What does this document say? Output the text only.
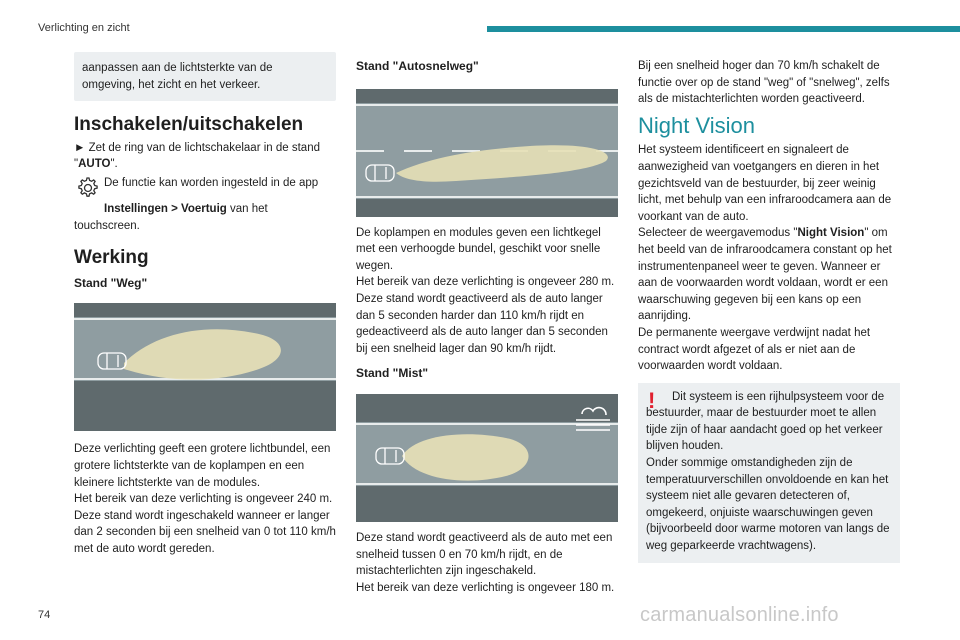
Verlichting en zicht

aanpassen aan de lichtsterkte van de omgeving, het zicht en het verkeer.

Inschakelen/uitschakelen

► Zet de ring van de lichtschakelaar in de stand "AUTO".

De functie kan worden ingesteld in de app
Instellingen > Voertuig van het touchscreen.
Werking
Stand "Weg"

Deze verlichting geeft een grotere lichtbundel, een grotere lichtsterkte van de koplampen en een kleinere lichtsterkte van de modules.

Het bereik van deze verlichting is ongeveer 240 m.

Deze stand wordt ingeschakeld wanneer er langer dan 2 seconden bij een snelheid van 0 tot 110 km/h met de auto wordt gereden.

Stand "Autosnelweg"

De koplampen en modules geven een lichtkegel met een verhoogde bundel, geschikt voor snelle wegen.

Het bereik van deze verlichting is ongeveer 280 m.

Deze stand wordt geactiveerd als de auto langer dan 5 seconden harder dan 110 km/h rijdt en gedeactiveerd als de auto langer dan 5 seconden bij een snelheid lager dan 90 km/h rijdt.

Stand "Mist"

Deze stand wordt geactiveerd als de auto met een snelheid tussen 0 en 70 km/h rijdt, en de mistachterlichten zijn ingeschakeld.

Het bereik van deze verlichting is ongeveer 180 m.

Bij een snelheid hoger dan 70 km/h schakelt de functie over op de stand "weg" of "snelweg", zelfs als de mistachterlichten worden geactiveerd.

Night Vision

Het systeem identificeert en signaleert de aanwezigheid van voetgangers en dieren in het gezichtsveld van de bestuurder, bij zeer weinig licht, met behulp van een infraroodcamera aan de voorkant van de auto.

Selecteer de weergavemodus "Night Vision" om het beeld van de infraroodcamera constant op het instrumentenpaneel weer te geven. Wanneer er aan de voorwaarden wordt voldaan, wordt er een waarschuwing gegeven bij een kans op een aanrijding.

De permanente weergave verdwijnt nadat het contract wordt afgezet of als er niet aan de voorwaarden wordt voldaan.

!	Dit systeem is een rijhulpsysteem voor de bestuurder, maar de bestuurder moet te allen tijde zijn of haar aandacht goed op het verkeer blijven houden.

Onder sommige omstandigheden zijn de temperatuurverschillen onvoldoende en kan het systeem niet alle gevaren detecteren of, omgekeerd, onjuiste waarschuwingen geven (bijvoorbeeld door warme motoren van langs de weg geparkeerde vrachtwagens).

74	carmanualsonline.info
